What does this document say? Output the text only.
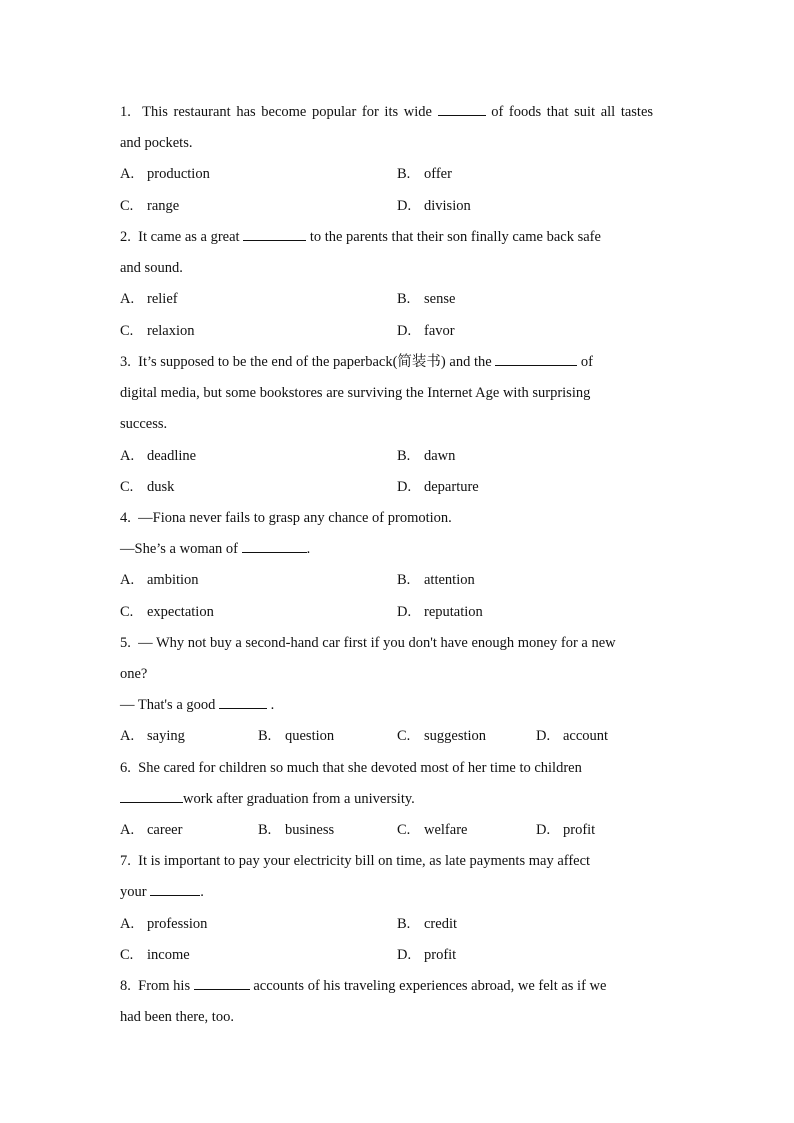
1. This restaurant has become popular for its wide	of foods that suit all tastes
and pockets.
A. production	B. offer
C. range	D. division
2. It came as a great	to the parents that their son finally came back safe
and sound.
A. relief	B. sense
C. relaxion	D. favor
3. It’s supposed to be the end of the paperback(简装书) and the	of
digital media, but some bookstores are surviving the Internet Age with surprising
success.
A. deadline	B. dawn
C. dusk	D. departure
4. —Fiona never fails to grasp any chance of promotion.
—She’s a woman of	.
A. ambition	B. attention
C. expectation	D. reputation
5. — Why not buy a second-hand car first if you don't have enough money for a new
one?
— That's a good	.
A. saying	B. question	C. suggestion	D. account
6. She cared for children so much that she devoted most of her time to children
work after graduation from a university.
A. career	B. business	C. welfare	D. profit
7. It is important to pay your electricity bill on time, as late payments may affect
your	.
A. profession	B. credit
C. income	D. profit
8. From his	accounts of his traveling experiences abroad, we felt as if we
had been there, too.
